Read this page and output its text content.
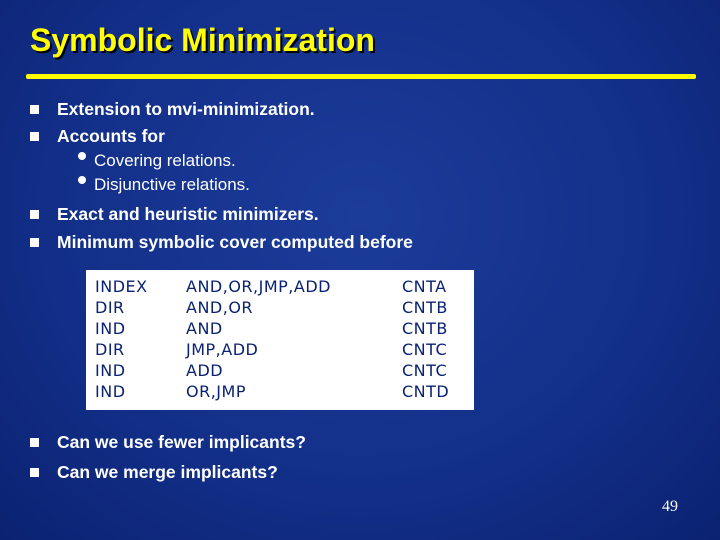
Symbolic Minimization
Extension to mvi-minimization.
Accounts for
Covering relations.
Disjunctive relations.
Exact and heuristic minimizers.
Minimum symbolic cover computed before
INDEX	AND,OR,JMP,ADD	CNTA
DIR	AND,OR	CNTB
IND	AND	CNTB
DIR	JMP,ADD	CNTC
IND	ADD	CNTC
IND	OR,JMP	CNTD
Can we use fewer implicants?
Can we merge implicants?
49
